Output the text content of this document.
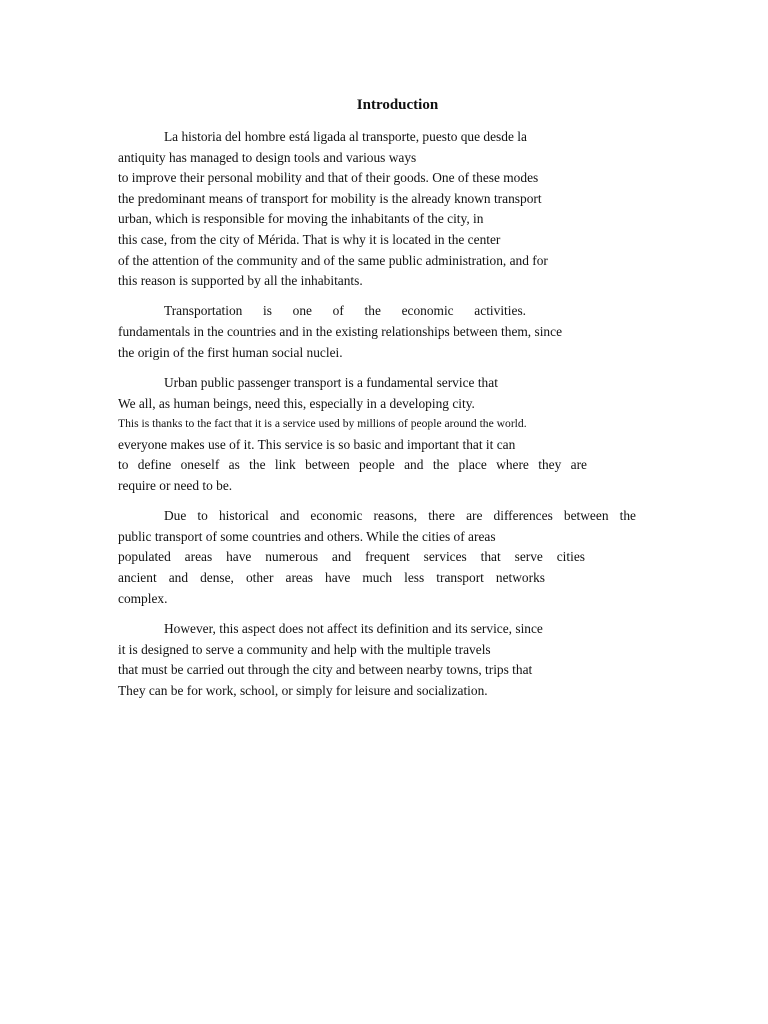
Introduction
La historia del hombre está ligada al transporte, puesto que desde la
antiquity has managed to design tools and various ways
to improve their personal mobility and that of their goods. One of these modes
the predominant means of transport for mobility is the already known transport
urban, which is responsible for moving the inhabitants of the city, in
this case, from the city of Mérida. That is why it is located in the center
of the attention of the community and of the same public administration, and for
this reason is supported by all the inhabitants.
Transportation is one of the economic activities.
fundamentals in the countries and in the existing relationships between them, since
the origin of the first human social nuclei.
Urban public passenger transport is a fundamental service that
We all, as human beings, need this, especially in a developing city.
This is thanks to the fact that it is a service used by millions of people around the world.
everyone makes use of it. This service is so basic and important that it can
to define oneself as the link between people and the place where they are
require or need to be.
Due to historical and economic reasons, there are differences between the
public transport of some countries and others. While the cities of areas
populated areas have numerous and frequent services that serve cities
ancient and dense, other areas have much less transport networks
complex.
However, this aspect does not affect its definition and its service, since
it is designed to serve a community and help with the multiple travels
that must be carried out through the city and between nearby towns, trips that
They can be for work, school, or simply for leisure and socialization.
